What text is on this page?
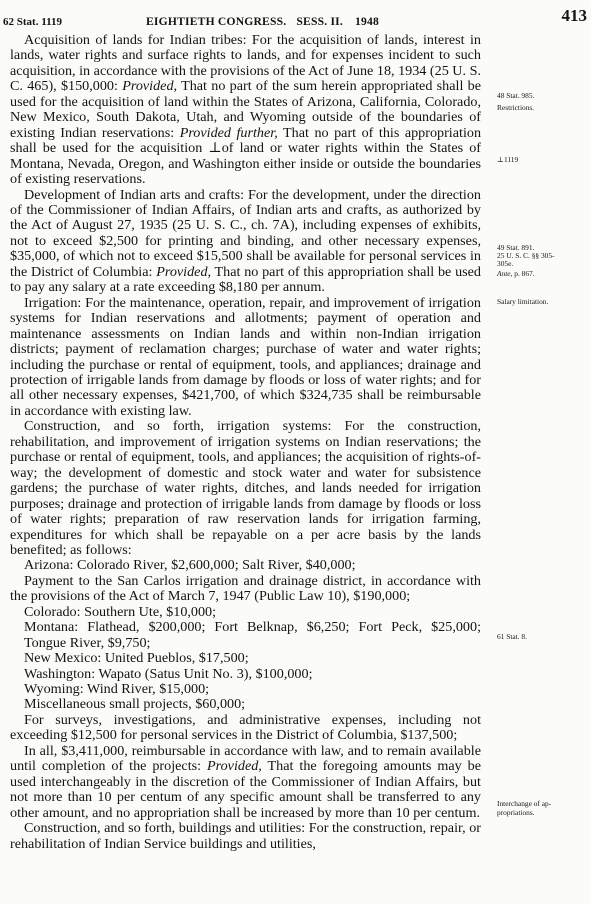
62 Stat. 1119	EIGHTIETH CONGRESS. SESS. II. 1948	413

Acquisition of lands for Indian tribes: For the acquisition of lands, interest in lands, water rights and surface rights to lands, and for expenses incident to such acquisition, in accordance with the provisions of the Act of June 18, 1934 (25 U. S. C. 465), $150,000: Provided, That no part of the sum herein appropriated shall be used for the acquisition of land within the States of Arizona, California, Colorado, New Mexico, South Dakota, Utah, and Wyoming outside of the boundaries of existing Indian reservations: Provided further, That no part of this appropriation shall be used for the acquisition ⊥of land or water rights within the States of Montana, Nevada, Oregon, and Washington either inside or outside the boundaries of existing reservations.

Development of Indian arts and crafts: For the development, under the direction of the Commissioner of Indian Affairs, of Indian arts and crafts, as authorized by the Act of August 27, 1935 (25 U. S. C., ch. 7A), including expenses of exhibits, not to exceed $2,500 for printing and binding, and other necessary expenses, $35,000, of which not to exceed $15,500 shall be available for personal services in the District of Columbia: Provided, That no part of this appropriation shall be used to pay any salary at a rate exceeding $8,180 per annum.

Irrigation: For the maintenance, operation, repair, and improvement of irrigation systems for Indian reservations and allotments; payment of operation and maintenance assessments on Indian lands and within non-Indian irrigation districts; payment of reclamation charges; purchase of water and water rights; including the purchase or rental of equipment, tools, and appliances; drainage and protection of irrigable lands from damage by floods or loss of water rights; and for all other necessary expenses, $421,700, of which $324,735 shall be reimbursable in accordance with existing law.

Construction, and so forth, irrigation systems: For the construction, rehabilitation, and improvement of irrigation systems on Indian reservations; the purchase or rental of equipment, tools, and appliances; the acquisition of rights-of-way; the development of domestic and stock water and water for subsistence gardens; the purchase of water rights, ditches, and lands needed for irrigation purposes; drainage and protection of irrigable lands from damage by floods or loss of water rights; preparation of raw reservation lands for irrigation farming, expenditures for which shall be repayable on a per acre basis by the lands benefited; as follows:

Arizona: Colorado River, $2,600,000; Salt River, $40,000;

Payment to the San Carlos irrigation and drainage district, in accordance with the provisions of the Act of March 7, 1947 (Public Law 10), $190,000;

Colorado: Southern Ute, $10,000;

Montana: Flathead, $200,000; Fort Belknap, $6,250; Fort Peck, $25,000; Tongue River, $9,750;

New Mexico: United Pueblos, $17,500;

Washington: Wapato (Satus Unit No. 3), $100,000;

Wyoming: Wind River, $15,000;

Miscellaneous small projects, $60,000;

For surveys, investigations, and administrative expenses, including not exceeding $12,500 for personal services in the District of Columbia, $137,500;

In all, $3,411,000, reimbursable in accordance with law, and to remain available until completion of the projects: Provided, That the foregoing amounts may be used interchangeably in the discretion of the Commissioner of Indian Affairs, but not more than 10 per centum of any specific amount shall be transferred to any other amount, and no appropriation shall be increased by more than 10 per centum.

Construction, and so forth, buildings and utilities: For the construction, repair, or rehabilitation of Indian Service buildings and utilities,

48 Stat. 985.
Restrictions.
⊥1119
49 Stat. 891.
25 U. S. C. §§ 305-
305e.
Ante, p. 867.
Salary limitation.
61 Stat. 8.
Interchange of ap-
propriations.
